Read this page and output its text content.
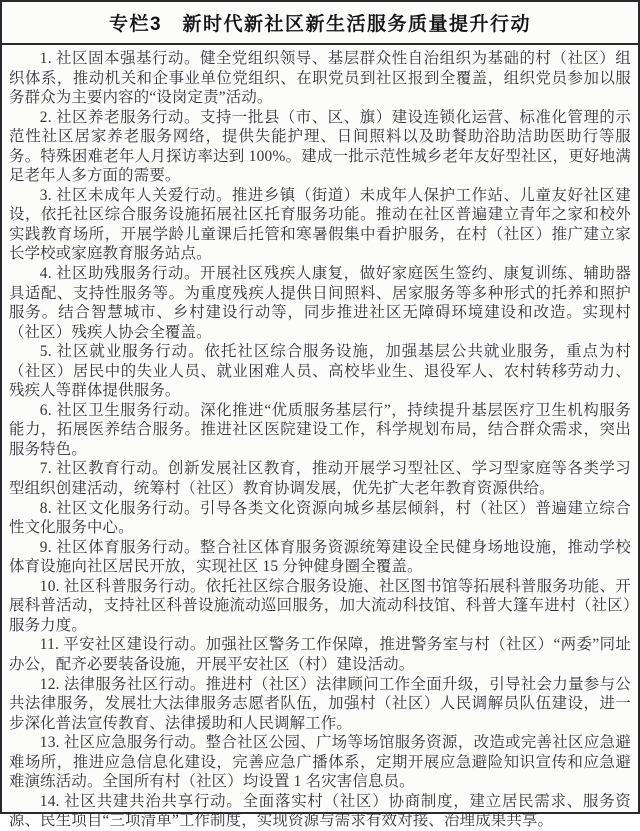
专栏3　新时代新社区新生活服务质量提升行动

1. 社区固本强基行动。健全党组织领导、基层群众性自治组织为基础的村（社区）组织体系，推动机关和企事业单位党组织、在职党员到社区报到全覆盖，组织党员参加以服务群众为主要内容的“设岗定责”活动。

2. 社区养老服务行动。支持一批县（市、区、旗）建设连锁化运营、标准化管理的示范性社区居家养老服务网络，提供失能护理、日间照料以及助餐助浴助洁助医助行等服务。特殊困难老年人月探访率达到 100%。建成一批示范性城乡老年友好型社区，更好地满足老年人多方面的需要。

3. 社区未成年人关爱行动。推进乡镇（街道）未成年人保护工作站、儿童友好社区建设，依托社区综合服务设施拓展社区托育服务功能。推动在社区普遍建立青年之家和校外实践教育场所，开展学龄儿童课后托管和寒暑假集中看护服务，在村（社区）推广建立家长学校或家庭教育服务站点。

4. 社区助残服务行动。开展社区残疾人康复，做好家庭医生签约、康复训练、辅助器具适配、支持性服务等。为重度残疾人提供日间照料、居家服务等多种形式的托养和照护服务。结合智慧城市、乡村建设行动等，同步推进社区无障碍环境建设和改造。实现村（社区）残疾人协会全覆盖。

5. 社区就业服务行动。依托社区综合服务设施，加强基层公共就业服务，重点为村（社区）居民中的失业人员、就业困难人员、高校毕业生、退役军人、农村转移劳动力、残疾人等群体提供服务。

6. 社区卫生服务行动。深化推进“优质服务基层行”，持续提升基层医疗卫生机构服务能力，拓展医养结合服务。推进社区医院建设工作，科学规划布局，结合群众需求，突出服务特色。

7. 社区教育行动。创新发展社区教育，推动开展学习型社区、学习型家庭等各类学习型组织创建活动，统筹村（社区）教育协调发展，优先扩大老年教育资源供给。

8. 社区文化服务行动。引导各类文化资源向城乡基层倾斜，村（社区）普遍建立综合性文化服务中心。

9. 社区体育服务行动。整合社区体育服务资源统筹建设全民健身场地设施，推动学校体育设施向社区居民开放，实现社区 15 分钟健身圈全覆盖。

10. 社区科普服务行动。依托社区综合服务设施、社区图书馆等拓展科普服务功能、开展科普活动，支持社区科普设施流动巡回服务，加大流动科技馆、科普大篷车进村（社区）服务力度。

11. 平安社区建设行动。加强社区警务工作保障，推进警务室与村（社区）“两委”同址办公，配齐必要装备设施，开展平安社区（村）建设活动。

12. 法律服务社区行动。推进村（社区）法律顾问工作全面升级，引导社会力量参与公共法律服务，发展壮大法律服务志愿者队伍，加强村（社区）人民调解员队伍建设，进一步深化普法宣传教育、法律援助和人民调解工作。

13. 社区应急服务行动。整合社区公园、广场等场馆服务资源，改造或完善社区应急避难场所，推进应急信息化建设，完善应急广播体系，定期开展应急避险知识宣传和应急避难演练活动。全国所有村（社区）均设置 1 名灾害信息员。

14. 社区共建共治共享行动。全面落实村（社区）协商制度，建立居民需求、服务资源、民生项目“三项清单”工作制度，实现资源与需求有效对接、治理成果共享。
